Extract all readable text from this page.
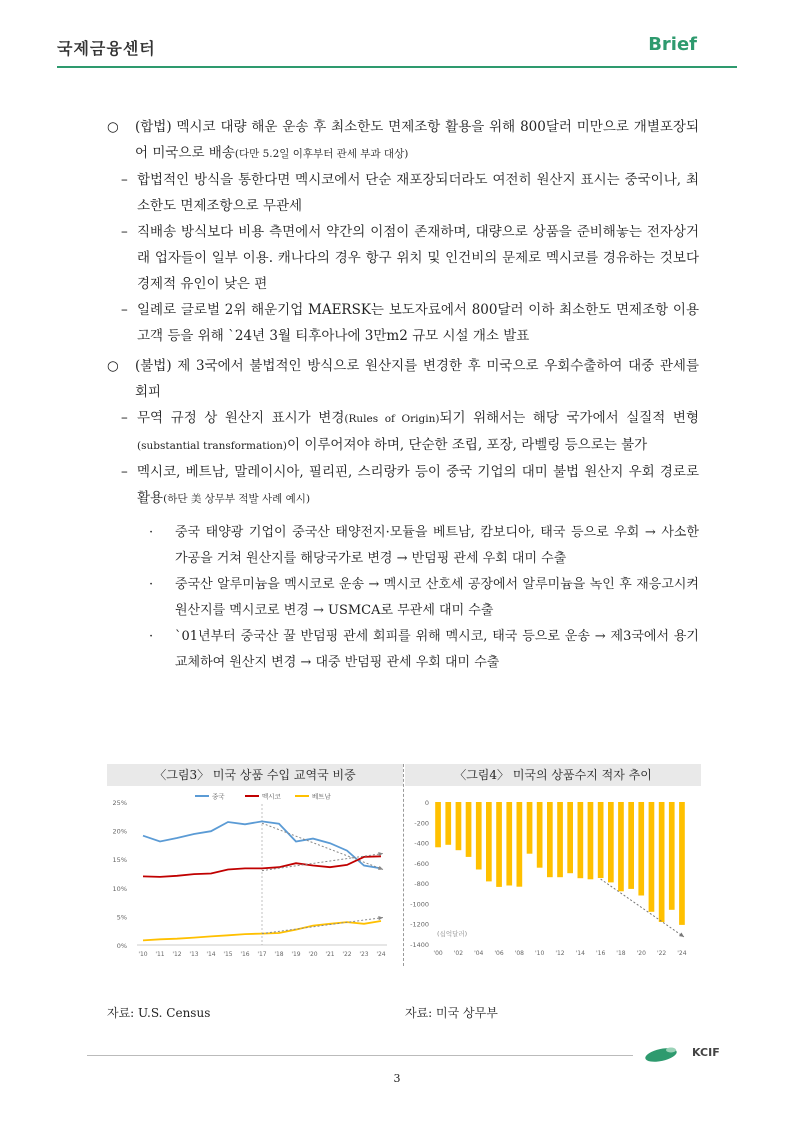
국제금융센터	Brief

○ (합법) 멕시코 대량 해운 운송 후 최소한도 면제조항 활용을 위해 800달러 미만으로 개별포장되어 미국으로 배송(다만 5.2일 이후부터 관세 부과 대상)

– 합법적인 방식을 통한다면 멕시코에서 단순 재포장되더라도 여전히 원산지 표시는 중국이나, 최소한도 면제조항으로 무관세

– 직배송 방식보다 비용 측면에서 약간의 이점이 존재하며, 대량으로 상품을 준비해놓는 전자상거래 업자들이 일부 이용. 캐나다의 경우 항구 위치 및 인건비의 문제로 멕시코를 경유하는 것보다 경제적 유인이 낮은 편

– 일례로 글로벌 2위 해운기업 MAERSK는 보도자료에서 800달러 이하 최소한도 면제조항 이용 고객 등을 위해 `24년 3월 티후아나에 3만m2 규모 시설 개소 발표

○ (불법) 제 3국에서 불법적인 방식으로 원산지를 변경한 후 미국으로 우회수출하여 대중 관세를 회피

– 무역 규정 상 원산지 표시가 변경(Rules of Origin)되기 위해서는 해당 국가에서 실질적 변형(substantial transformation)이 이루어져야 하며, 단순한 조립, 포장, 라벨링 등으로는 불가

– 멕시코, 베트남, 말레이시아, 필리핀, 스리랑카 등이 중국 기업의 대미 불법 원산지 우회 경로로 활용(하단 美 상무부 적발 사례 예시)

· 중국 태양광 기업이 중국산 태양전지·모듈을 베트남, 캄보디아, 태국 등으로 우회 → 사소한 가공을 거쳐 원산지를 해당국가로 변경 → 반덤핑 관세 우회 대미 수출

· 중국산 알루미늄을 멕시코로 운송 → 멕시코 산호세 공장에서 알루미늄을 녹인 후 재응고시켜 원산지를 멕시코로 변경 → USMCA로 무관세 대미 수출

· `01년부터 중국산 꿀 반덤핑 관세 회피를 위해 멕시코, 태국 등으로 운송 → 제3국에서 용기 교체하여 원산지 변경 → 대중 반덤핑 관세 우회 대미 수출

〈그림3〉 미국 상품 수입 교역국 비중
25%
20%
15%
10%
5%
0%
'10 '11 '12 '13 '14 '15 '16 '17 '18 '19 '20 '21 '22 '23 '24
중국	멕시코	베트남
〈그림4〉 미국의 상품수지 적자 추이
0
-200
-400
-600
-800
-1000
-1200
-1400
'00 '02 '04 '06 '08 '10 '12 '14 '16 '18 '20 '22 '24
(십억달러)
자료: U.S. Census	자료: 미국 상무부
KCIF
3
